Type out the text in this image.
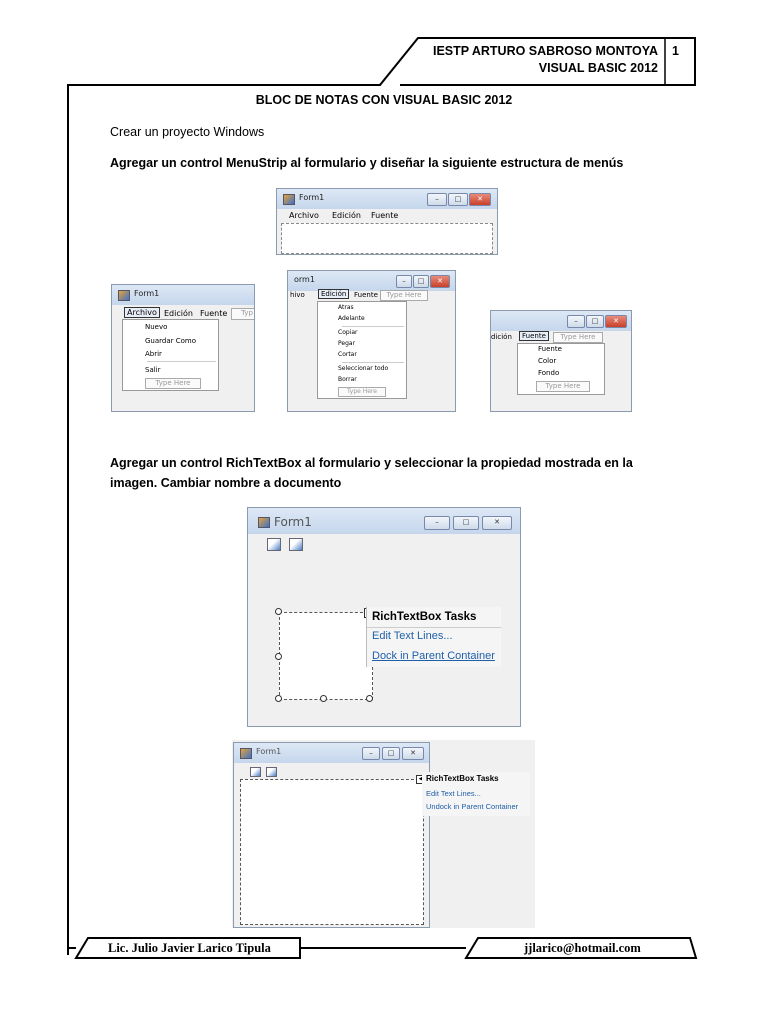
IESTP ARTURO SABROSO MONTOYA
VISUAL BASIC 2012
1
BLOC DE NOTAS CON VISUAL BASIC 2012
Crear un proyecto Windows
Agregar un control MenuStrip al formulario y diseñar la siguiente estructura de menús
Agregar un control RichTextBox al formulario y seleccionar la propiedad mostrada en la
imagen. Cambiar nombre a documento
Form1	–	□	✕
Archivo Edición Fuente
Form1
Archivo Edición Fuente	Typ
Nuevo
Guardar Como
Abrir
Salir
Type Here
orm1	–	□	✕
hivo	Edición	Fuente	Type Here
Atras
Adelante
Copiar
Pegar
Cortar
Seleccionar todo
Borrar
Type Here
–	□	✕
dición	Fuente	Type Here
Fuente
Color
Fondo
Type Here
Form1	–	□	✕
RichTextBox Tasks
Edit Text Lines...
Dock in Parent Container
Form1	–	□	✕
◀ RichTextBox Tasks
Edit Text Lines...
Undock in Parent Container
Lic. Julio Javier Larico Tipula	jjlarico@hotmail.com
